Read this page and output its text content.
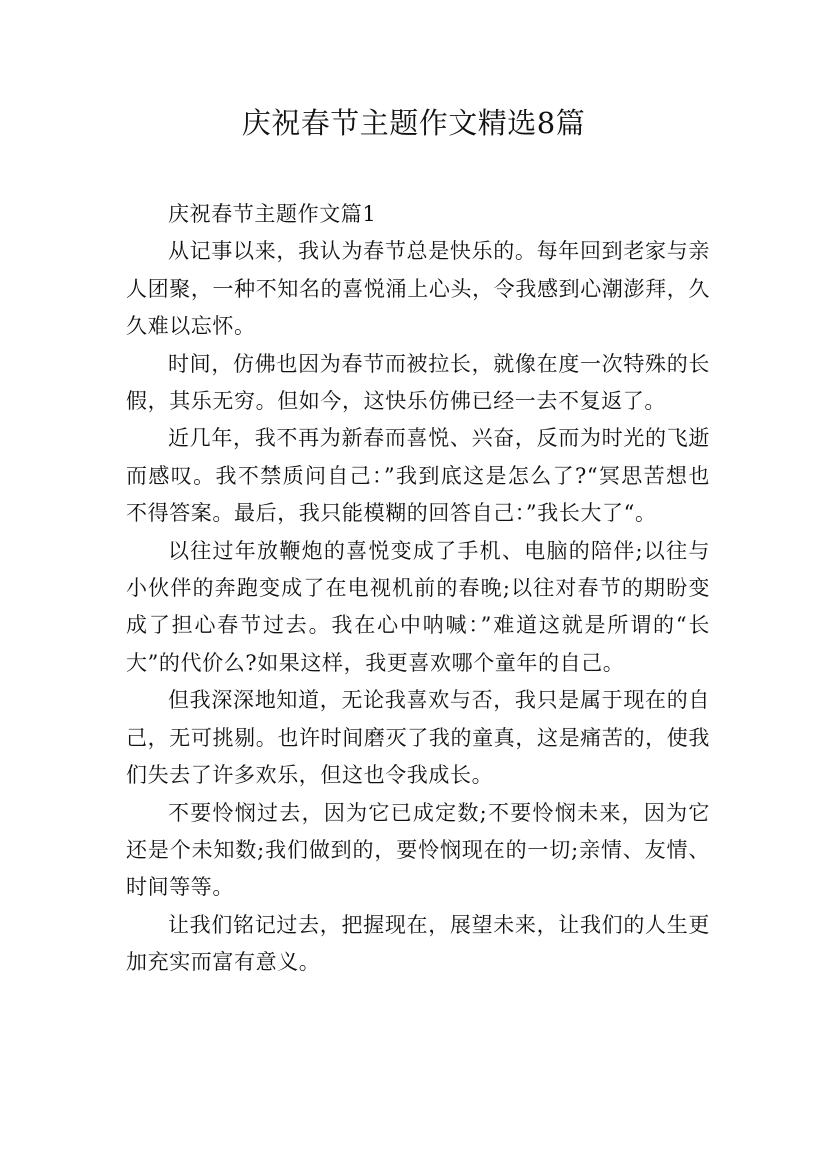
庆祝春节主题作文精选8篇

庆祝春节主题作文篇1

从记事以来，我认为春节总是快乐的。每年回到老家与亲人团聚，一种不知名的喜悦涌上心头，令我感到心潮澎拜，久久难以忘怀。

时间，仿佛也因为春节而被拉长，就像在度一次特殊的长假，其乐无穷。但如今，这快乐仿佛已经一去不复返了。

近几年，我不再为新春而喜悦、兴奋，反而为时光的飞逝而感叹。我不禁质问自己：”我到底这是怎么了?“冥思苦想也不得答案。最后，我只能模糊的回答自己：”我长大了“。

以往过年放鞭炮的喜悦变成了手机、电脑的陪伴;以往与小伙伴的奔跑变成了在电视机前的春晚;以往对春节的期盼变成了担心春节过去。我在心中呐喊：”难道这就是所谓的“长大”的代价么?如果这样，我更喜欢哪个童年的自己。

但我深深地知道，无论我喜欢与否，我只是属于现在的自己，无可挑剔。也许时间磨灭了我的童真，这是痛苦的，使我们失去了许多欢乐，但这也令我成长。

不要怜悯过去，因为它已成定数;不要怜悯未来，因为它还是个未知数;我们做到的，要怜悯现在的一切;亲情、友情、时间等等。

让我们铭记过去，把握现在，展望未来，让我们的人生更加充实而富有意义。
